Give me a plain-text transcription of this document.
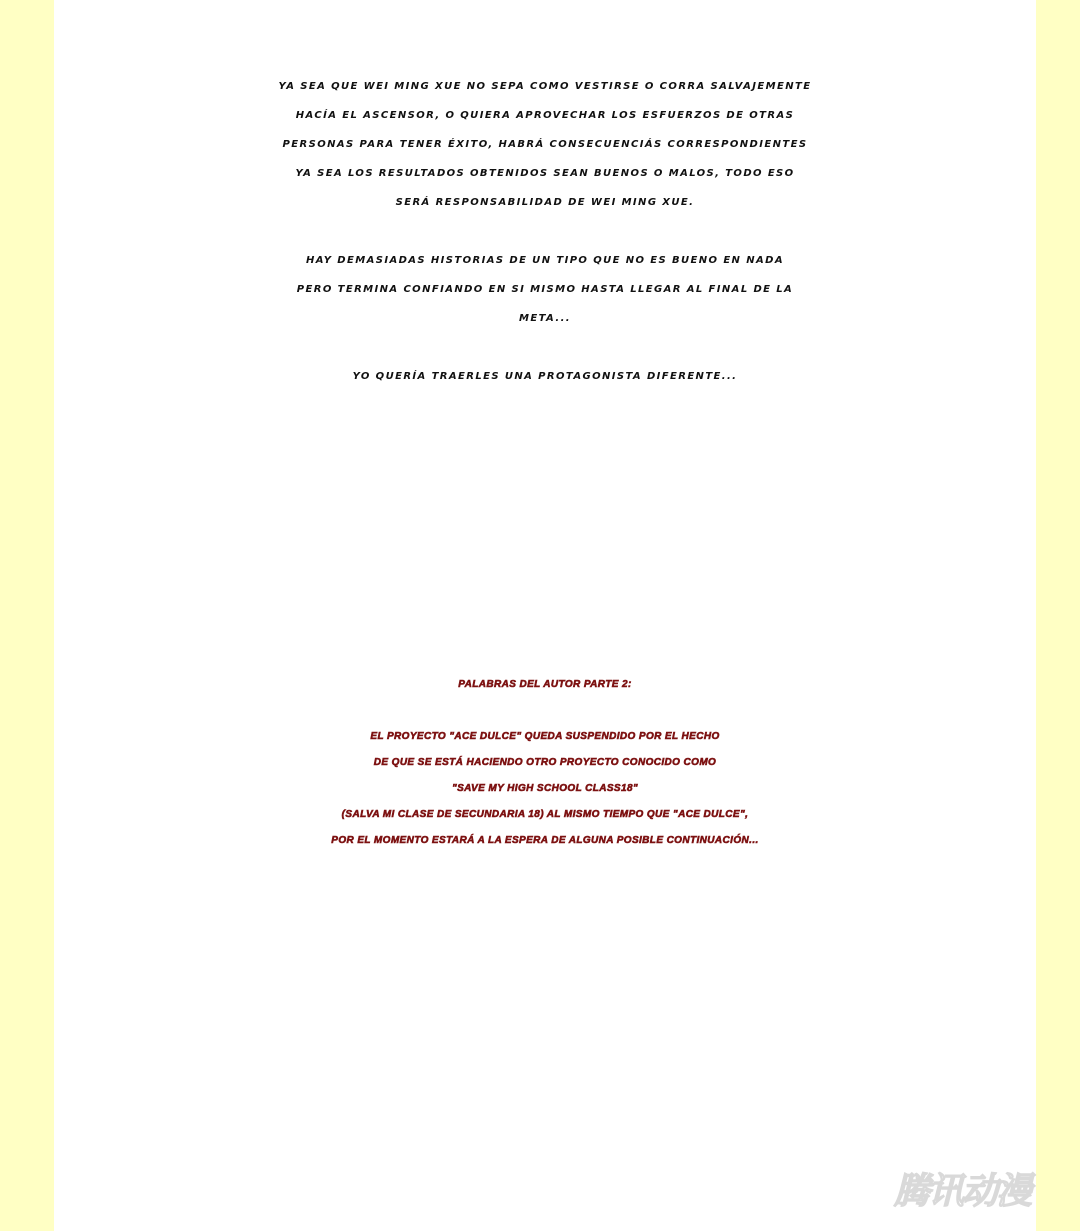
YA SEA QUE WEI MING XUE NO SEPA COMO VESTIRSE O CORRA SALVAJEMENTE
HACÍA EL ASCENSOR, O QUIERA APROVECHAR LOS ESFUERZOS DE OTRAS
PERSONAS PARA TENER ÉXITO, HABRÁ CONSECUENCIÁS CORRESPONDIENTES
YA SEA LOS RESULTADOS OBTENIDOS SEAN BUENOS O MALOS, TODO ESO
SERÁ RESPONSABILIDAD DE WEI MING XUE.
HAY DEMASIADAS HISTORIAS DE UN TIPO QUE NO ES BUENO EN NADA
PERO TERMINA CONFIANDO EN SI MISMO HASTA LLEGAR AL FINAL DE LA
META...
YO QUERÍA TRAERLES UNA PROTAGONISTA DIFERENTE...
PALABRAS DEL AUTOR PARTE 2:
EL PROYECTO "ACE DULCE" QUEDA SUSPENDIDO POR EL HECHO
DE QUE SE ESTÁ HACIENDO OTRO PROYECTO CONOCIDO COMO
"SAVE MY HIGH SCHOOL CLASS18"
(SALVA MI CLASE DE SECUNDARIA 18) AL MISMO TIEMPO QUE "ACE DULCE",
POR EL MOMENTO ESTARÁ A LA ESPERA DE ALGUNA POSIBLE CONTINUACIÓN...
腾讯动漫
